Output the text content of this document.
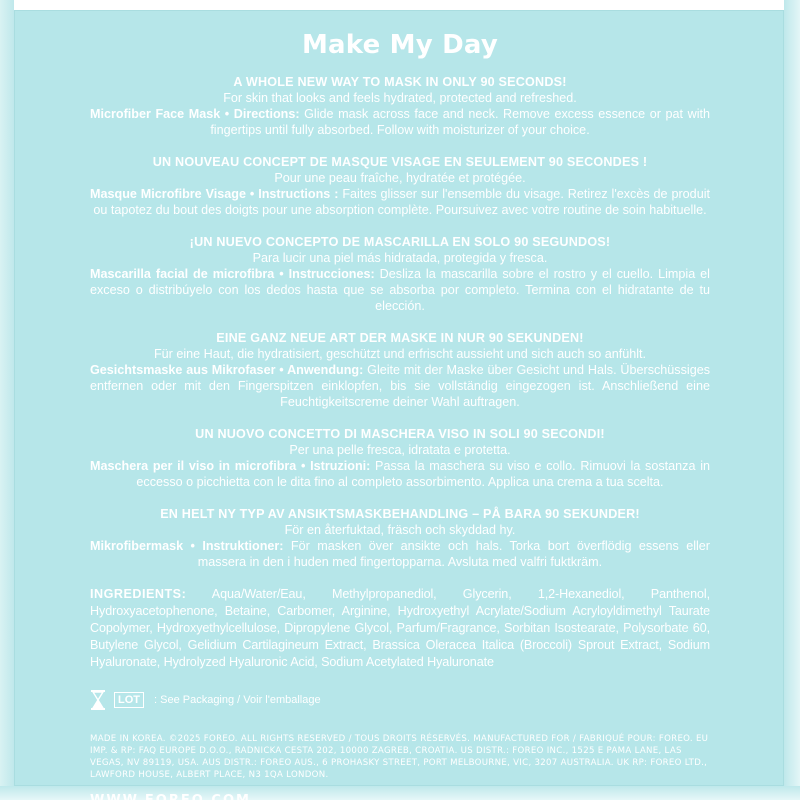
Make My Day
A WHOLE NEW WAY TO MASK IN ONLY 90 SECONDS!

For skin that looks and feels hydrated, protected and refreshed.

Microfiber Face Mask • Directions: Glide mask across face and neck. Remove excess essence or pat with fingertips until fully absorbed. Follow with moisturizer of your choice.

UN NOUVEAU CONCEPT DE MASQUE VISAGE EN SEULEMENT 90 SECONDES !

Pour une peau fraîche, hydratée et protégée.

Masque Microfibre Visage • Instructions : Faites glisser sur l'ensemble du visage. Retirez l'excès de produit ou tapotez du bout des doigts pour une absorption complète. Poursuivez avec votre routine de soin habituelle.

¡UN NUEVO CONCEPTO DE MASCARILLA EN SOLO 90 SEGUNDOS!

Para lucir una piel más hidratada, protegida y fresca.

Mascarilla facial de microfibra • Instrucciones: Desliza la mascarilla sobre el rostro y el cuello. Limpia el exceso o distribúyelo con los dedos hasta que se absorba por completo. Termina con el hidratante de tu elección.

EINE GANZ NEUE ART DER MASKE IN NUR 90 SEKUNDEN!

Für eine Haut, die hydratisiert, geschützt und erfrischt aussieht und sich auch so anfühlt.

Gesichtsmaske aus Mikrofaser • Anwendung: Gleite mit der Maske über Gesicht und Hals. Überschüssiges entfernen oder mit den Fingerspitzen einklopfen, bis sie vollständig eingezogen ist. Anschließend eine Feuchtigkeitscreme deiner Wahl auftragen.

UN NUOVO CONCETTO DI MASCHERA VISO IN SOLI 90 SECONDI!

Per una pelle fresca, idratata e protetta.

Maschera per il viso in microfibra • Istruzioni: Passa la maschera su viso e collo. Rimuovi la sostanza in eccesso o picchietta con le dita fino al completo assorbimento. Applica una crema a tua scelta.

EN HELT NY TYP AV ANSIKTSMASKBEHANDLING – PÅ BARA 90 SEKUNDER!

För en återfuktad, fräsch och skyddad hy.

Mikrofibermask • Instruktioner: För masken över ansikte och hals. Torka bort överflödig essens eller massera in den i huden med fingertopparna. Avsluta med valfri fuktkräm.

INGREDIENTS: Aqua/Water/Eau, Methylpropanediol, Glycerin, 1,2-Hexanediol, Panthenol, Hydroxyacetophenone, Betaine, Carbomer, Arginine, Hydroxyethyl Acrylate/Sodium Acryloyldimethyl Taurate Copolymer, Hydroxyethylcellulose, Dipropylene Glycol, Parfum/Fragrance, Sorbitan Isostearate, Polysorbate 60, Butylene Glycol, Gelidium Cartilagineum Extract, Brassica Oleracea Italica (Broccoli) Sprout Extract, Sodium Hyaluronate, Hydrolyzed Hyaluronic Acid, Sodium Acetylated Hyaluronate

LOT	: See Packaging / Voir l'emballage

MADE IN KOREA. ©2025 FOREO. ALL RIGHTS RESERVED / TOUS DROITS RÉSERVÉS. MANUFACTURED FOR / FABRIQUÉ POUR: FOREO. EU IMP. & RP: FAQ EUROPE D.O.O., RADNICKA CESTA 202, 10000 ZAGREB, CROATIA. US DISTR.: FOREO INC., 1525 E PAMA LANE, LAS VEGAS, NV 89119, USA. AUS DISTR.: FOREO AUS., 6 PROHASKY STREET, PORT MELBOURNE, VIC, 3207 AUSTRALIA. UK RP: FOREO LTD., LAWFORD HOUSE, ALBERT PLACE, N3 1QA LONDON.

WWW.FOREO.COM
